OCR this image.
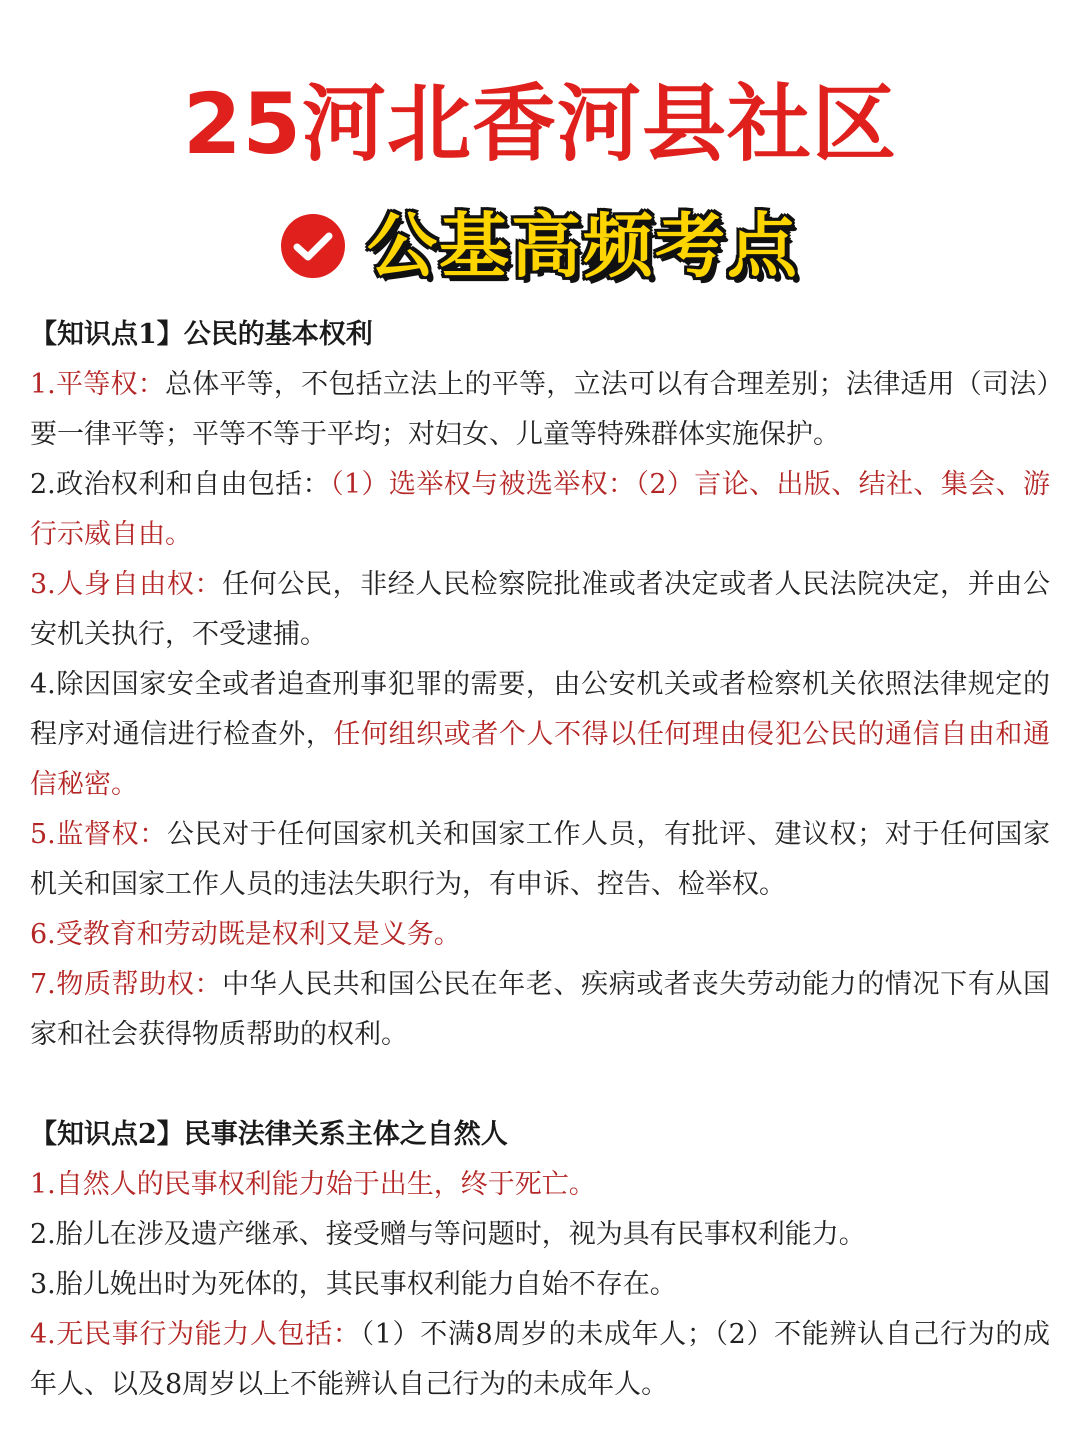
25河北香河县社区
公基高频考点
【知识点1】公民的基本权利

1.平等权：总体平等，不包括立法上的平等，立法可以有合理差别；法律适用（司法）要一律平等；平等不等于平均；对妇女、儿童等特殊群体实施保护。

2.政治权利和自由包括：（1）选举权与被选举权：（2）言论、出版、结社、集会、游行示威自由。

3.人身自由权：任何公民，非经人民检察院批准或者决定或者人民法院决定，并由公安机关执行，不受逮捕。

4.除因国家安全或者追查刑事犯罪的需要，由公安机关或者检察机关依照法律规定的程序对通信进行检查外，任何组织或者个人不得以任何理由侵犯公民的通信自由和通信秘密。

5.监督权：公民对于任何国家机关和国家工作人员，有批评、建议权；对于任何国家机关和国家工作人员的违法失职行为，有申诉、控告、检举权。

6.受教育和劳动既是权利又是义务。

7.物质帮助权：中华人民共和国公民在年老、疾病或者丧失劳动能力的情况下有从国家和社会获得物质帮助的权利。

【知识点2】民事法律关系主体之自然人

1.自然人的民事权利能力始于出生，终于死亡。

2.胎儿在涉及遗产继承、接受赠与等问题时，视为具有民事权利能力。

3.胎儿娩出时为死体的，其民事权利能力自始不存在。

4.无民事行为能力人包括：（1）不满8周岁的未成年人；（2）不能辨认自己行为的成年人、以及8周岁以上不能辨认自己行为的未成年人。
